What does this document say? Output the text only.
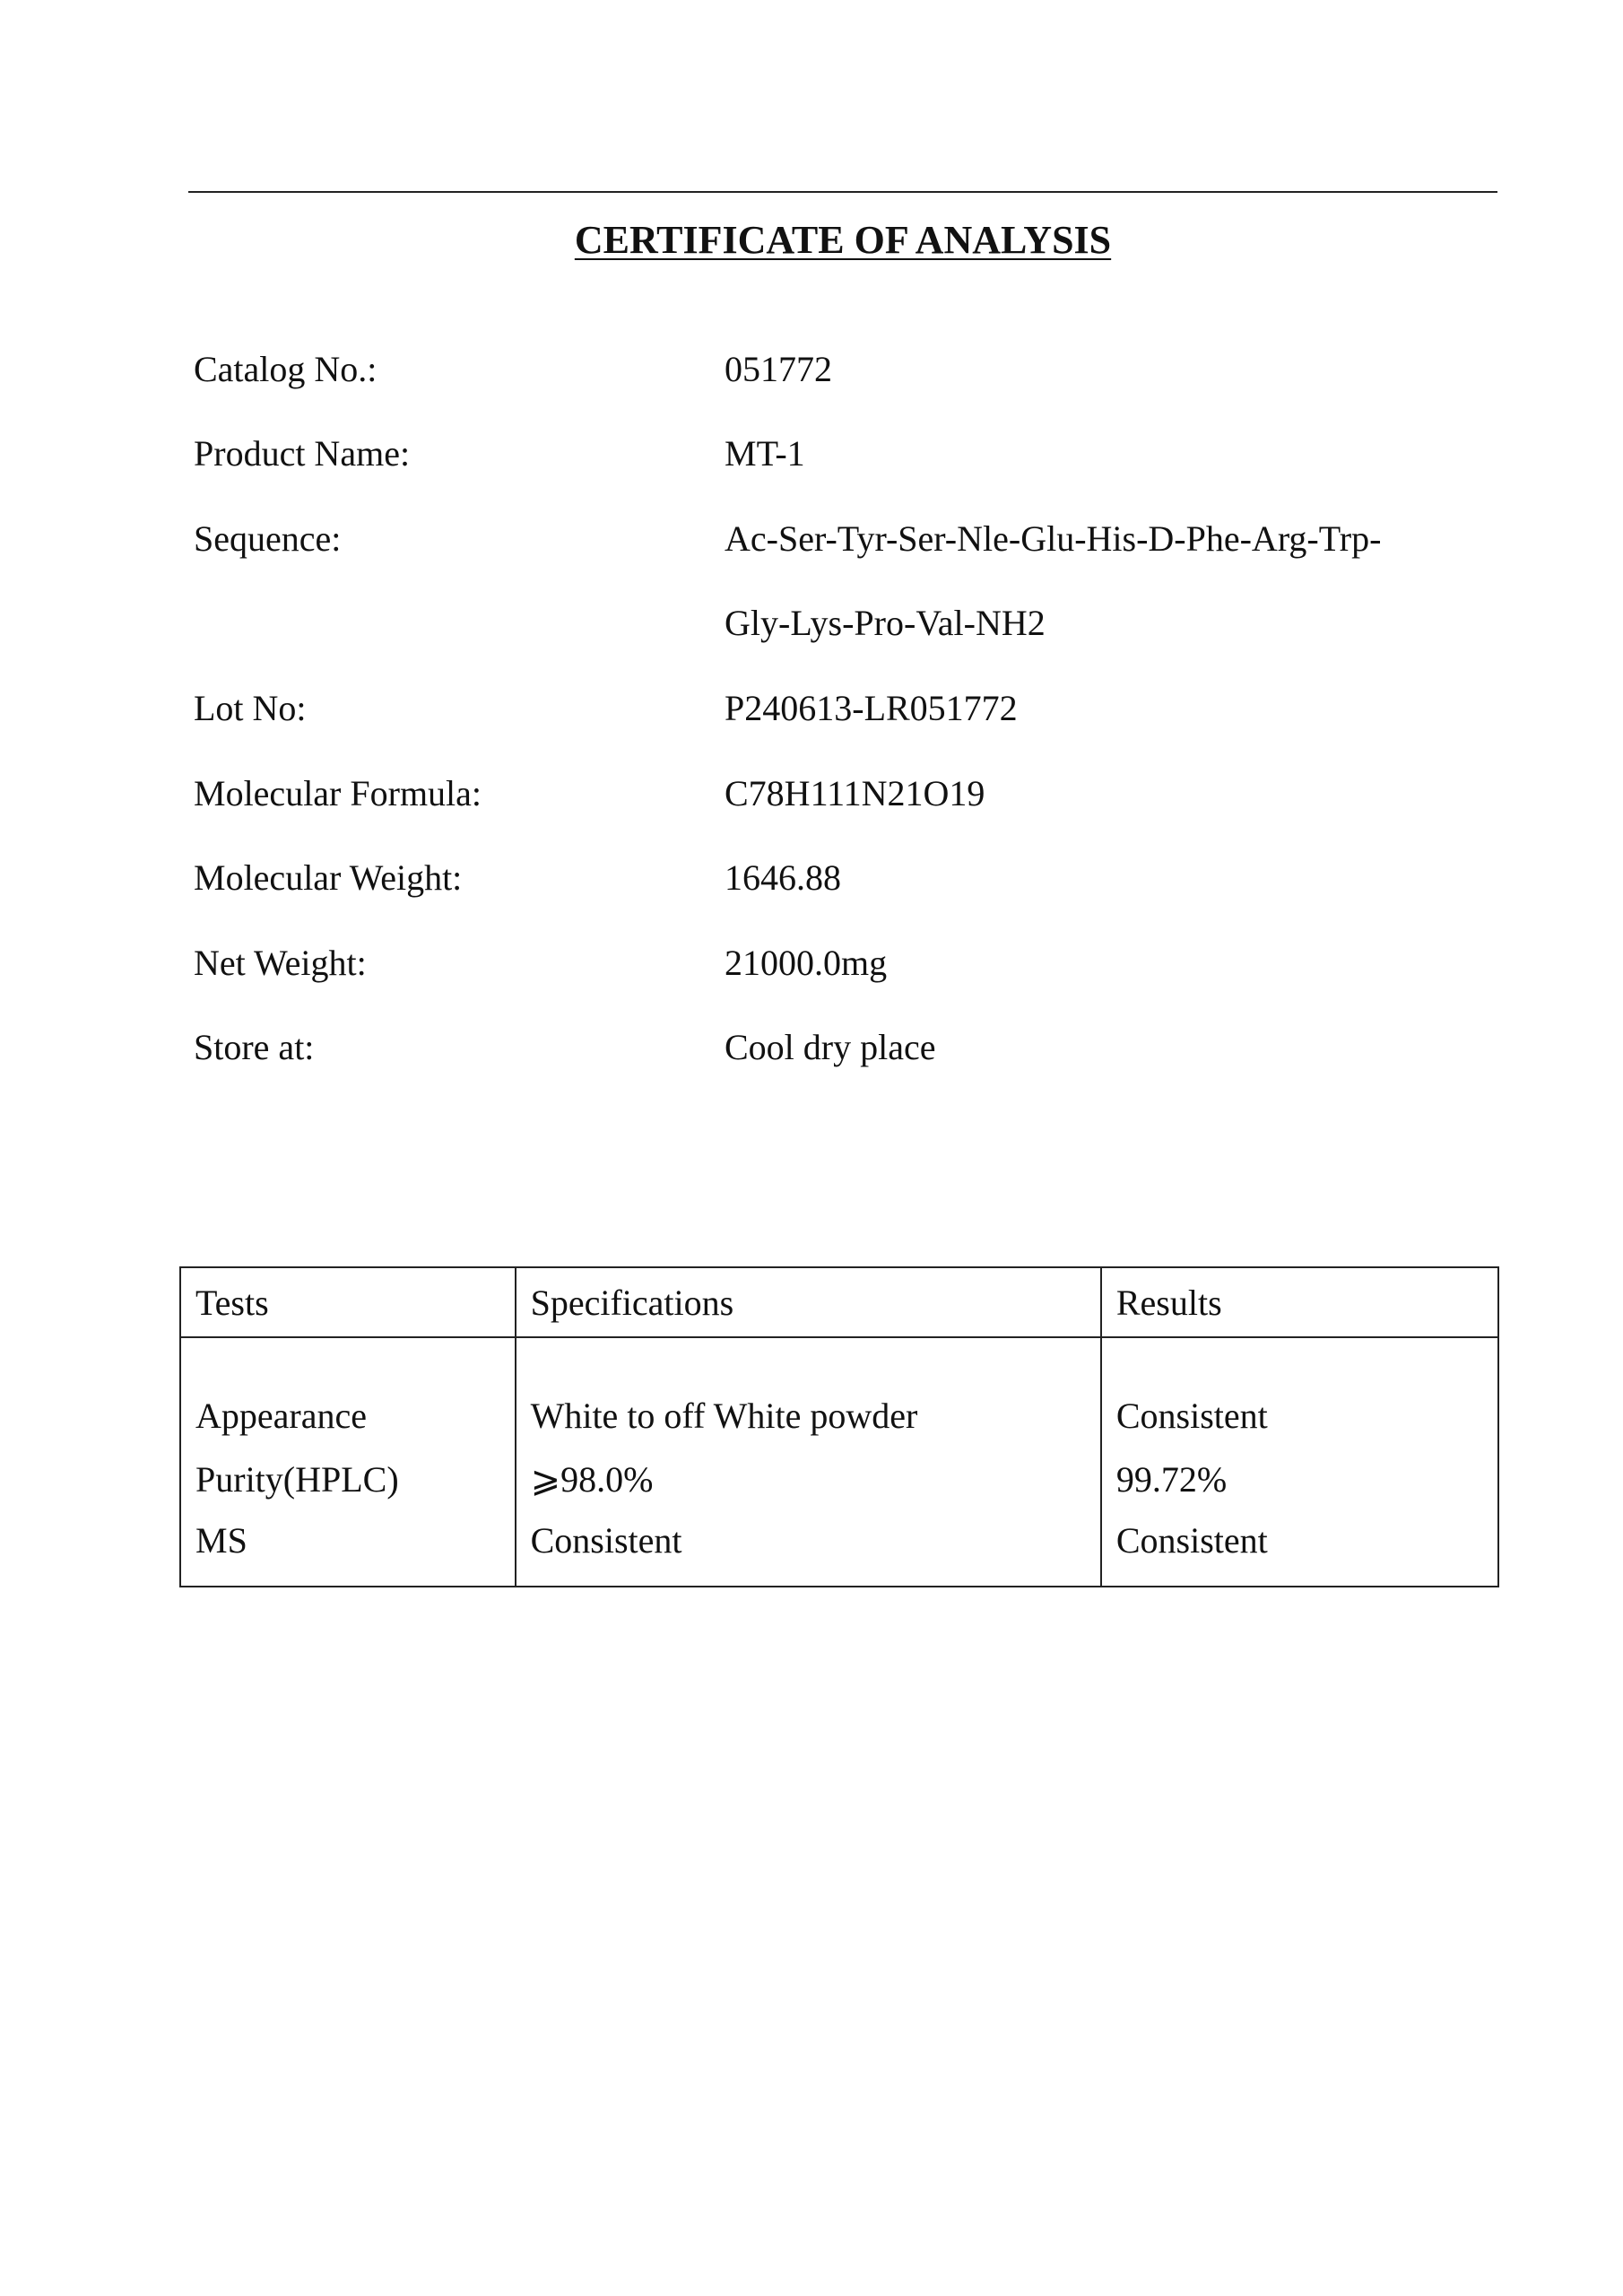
CERTIFICATE OF ANALYSIS
Catalog No.:	051772
Product Name:	MT-1
Sequence:	Ac-Ser-Tyr-Ser-Nle-Glu-His-D-Phe-Arg-Trp-
Gly-Lys-Pro-Val-NH2
Lot No:	P240613-LR051772
Molecular Formula:	C78H111N21O19
Molecular Weight:	1646.88
Net Weight:	21000.0mg
Store at:	Cool dry place
Tests	Specifications	Results
Appearance	White to off White powder	Consistent
Purity(HPLC)	⩾98.0%	99.72%
MS	Consistent	Consistent
